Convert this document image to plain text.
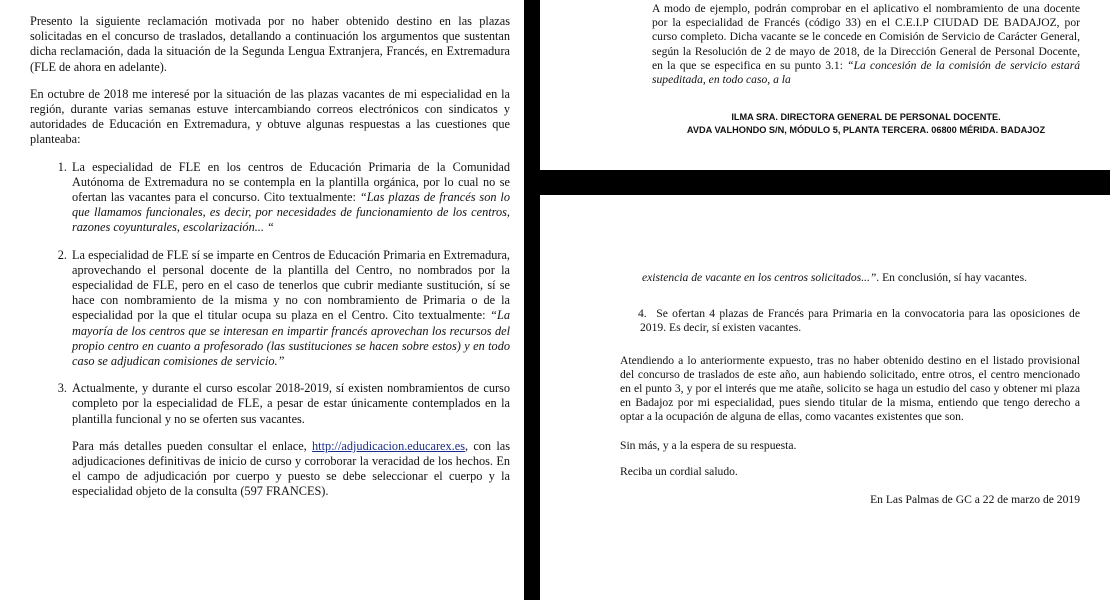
Presento la siguiente reclamación motivada por no haber obtenido destino en las plazas solicitadas en el concurso de traslados, detallando a continuación los argumentos que sustentan dicha reclamación, dada la situación de la Segunda Lengua Extranjera, Francés, en Extremadura (FLE de ahora en adelante).

En octubre de 2018 me interesé por la situación de las plazas vacantes de mi especialidad en la región, durante varias semanas estuve intercambiando correos electrónicos con sindicatos y autoridades de Educación en Extremadura, y obtuve algunas respuestas a las cuestiones que planteaba:

1. La especialidad de FLE en los centros de Educación Primaria de la Comunidad Autónoma de Extremadura no se contempla en la plantilla orgánica, por lo cual no se ofertan las vacantes para el concurso. Cito textualmente: “Las plazas de francés son lo que llamamos funcionales, es decir, por necesidades de funcionamiento de los centros, razones coyunturales, escolarización... “
2. La especialidad de FLE sí se imparte en Centros de Educación Primaria en Extremadura, aprovechando el personal docente de la plantilla del Centro, no nombrados por la especialidad de FLE, pero en el caso de tenerlos que cubrir mediante sustitución, sí se hace con nombramiento de la misma y no con nombramiento de Primaria o de la especialidad por la que el titular ocupa su plaza en el Centro. Cito textualmente: “La mayoría de los centros que se interesan en impartir francés aprovechan los recursos del propio centro en cuanto a profesorado (las sustituciones se hacen sobre estos) y en todo caso se adjudican comisiones de servicio.”
3. Actualmente, y durante el curso escolar 2018-2019, sí existen nombramientos de curso completo por la especialidad de FLE, a pesar de estar únicamente contemplados en la plantilla funcional y no se oferten sus vacantes.

Para más detalles pueden consultar el enlace, http://adjudicacion.educarex.es, con las adjudicaciones definitivas de inicio de curso y corroborar la veracidad de los hechos. En el campo de adjudicación por cuerpo y puesto se debe seleccionar el cuerpo y la especialidad objeto de la consulta (597 FRANCES).

A modo de ejemplo, podrán comprobar en el aplicativo el nombramiento de una docente por la especialidad de Francés (código 33) en el C.E.I.P CIUDAD DE BADAJOZ, por curso completo. Dicha vacante se le concede en Comisión de Servicio de Carácter General, según la Resolución de 2 de mayo de 2018, de la Dirección General de Personal Docente, en la que se especifica en su punto 3.1: “La concesión de la comisión de servicio estará supeditada, en todo caso, a la

ILMA SRA. DIRECTORA GENERAL DE PERSONAL DOCENTE.
AVDA VALHONDO S/N, MÓDULO 5, PLANTA TERCERA. 06800 MÉRIDA. BADAJOZ

existencia de vacante en los centros solicitados...”. En conclusión, sí hay vacantes.

4. Se ofertan 4 plazas de Francés para Primaria en la convocatoria para las oposiciones de 2019. Es decir, sí existen vacantes.

Atendiendo a lo anteriormente expuesto, tras no haber obtenido destino en el listado provisional del concurso de traslados de este año, aun habiendo solicitado, entre otros, el centro mencionado en el punto 3, y por el interés que me atañe, solicito se haga un estudio del caso y obtener mi plaza en Badajoz por mi especialidad, pues siendo titular de la misma, entiendo que tengo derecho a optar a la ocupación de alguna de ellas, como vacantes existentes que son.

Sin más, y a la espera de su respuesta.

Reciba un cordial saludo.

En Las Palmas de GC a 22 de marzo de 2019
